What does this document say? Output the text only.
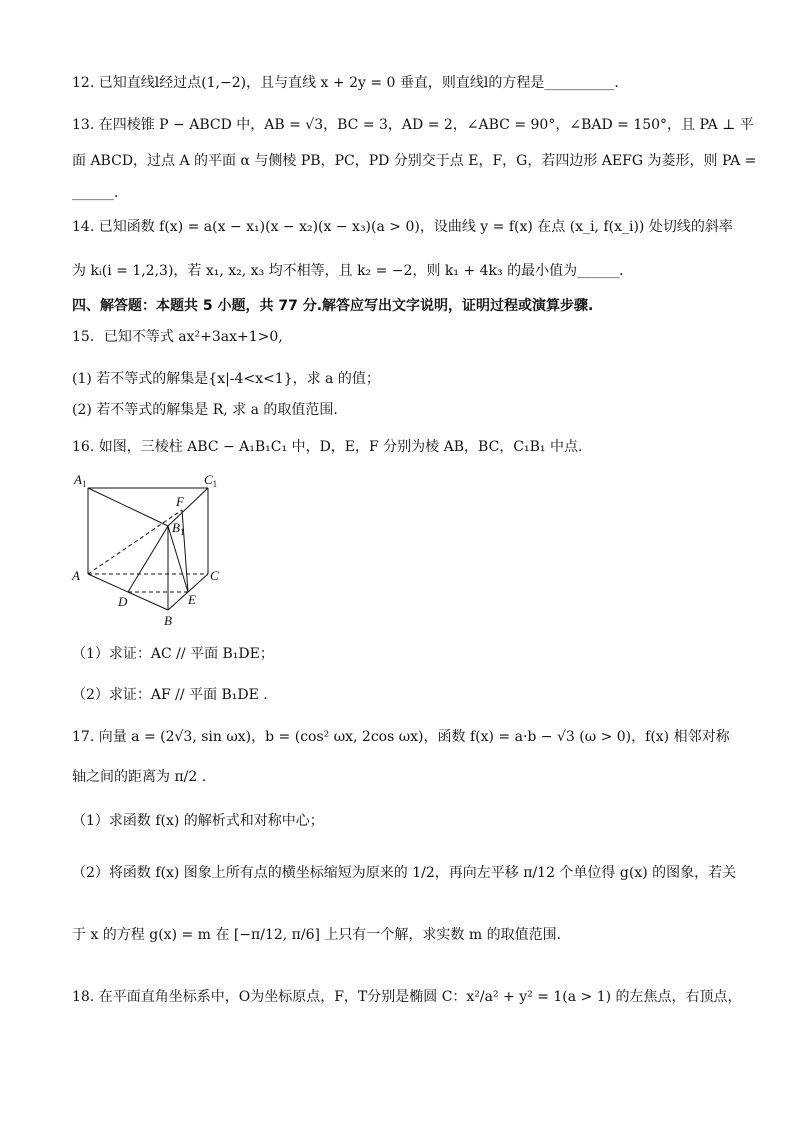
12. 已知直线l经过点(1,−2)，且与直线 x + 2y = 0 垂直，则直线l的方程是__________．
13. 在四棱锥 P − ABCD 中，AB = √3，BC = 3，AD = 2，∠ABC = 90°，∠BAD = 150°，且 PA ⊥ 平
面 ABCD，过点 A 的平面 α 与侧棱 PB，PC，PD 分别交于点 E，F，G，若四边形 AEFG 为菱形，则 PA =
______．
14. 已知函数 f(x) = a(x − x₁)(x − x₂)(x − x₃)(a > 0)，设曲线 y = f(x) 在点 (x_i, f(x_i)) 处切线的斜率
为 kᵢ(i = 1,2,3)，若 x₁, x₂, x₃ 均不相等，且 k₂ = −2，则 k₁ + 4k₃ 的最小值为______．
四、解答题：本题共 5 小题，共 77 分.解答应写出文字说明，证明过程或演算步骤.
15．已知不等式 ax²+3ax+1>0,
(1) 若不等式的解集是{x|-4<x<1}，求 a 的值；
(2) 若不等式的解集是 R, 求 a 的取值范围.
16. 如图，三棱柱 ABC − A₁B₁C₁ 中，D，E，F 分别为棱 AB，BC，C₁B₁ 中点.
$A_1$	$C_1$
F
$B_1$
A	C
D	E
B
（1）求证：AC // 平面 B₁DE；
（2）求证：AF // 平面 B₁DE .
17. 向量 a = (2√3, sin ωx)，b = (cos² ωx, 2cos ωx)，函数 f(x) = a·b − √3 (ω > 0)，f(x) 相邻对称
轴之间的距离为 π/2 .
（1）求函数 f(x) 的解析式和对称中心；
（2）将函数 f(x) 图象上所有点的横坐标缩短为原来的 1/2，再向左平移 π/12 个单位得 g(x) 的图象，若关
于 x 的方程 g(x) = m 在 [−π/12, π/6] 上只有一个解，求实数 m 的取值范围.
18. 在平面直角坐标系中，O为坐标原点，F，T分别是椭圆 C：x²/a² + y² = 1(a > 1) 的左焦点，右顶点，
